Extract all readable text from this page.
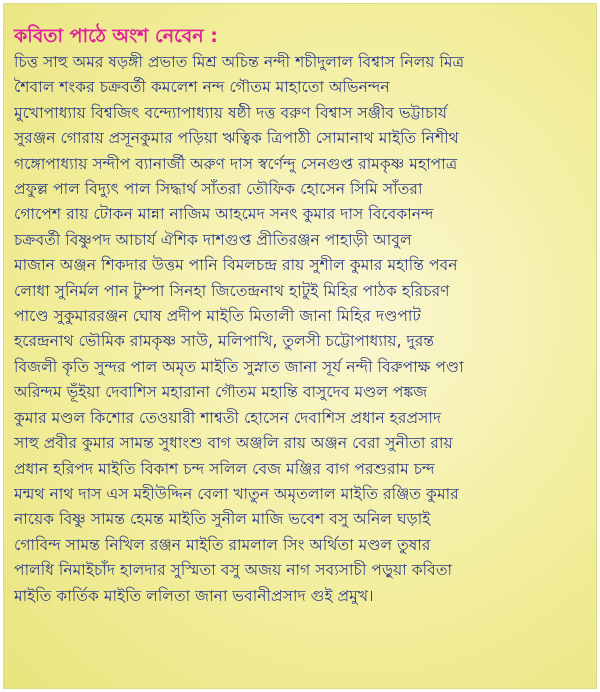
কবিতা পাঠে অংশ নেবেন :
চিত্ত সাহু অমর ষড়ঙ্গী প্রভাত মিশ্র অচিন্ত নন্দী শচীদুলাল বিশ্বাস নিলয় মিত্র
শৈবাল শংকর চক্রবর্তী কমলেশ নন্দ গৌতম মাহাতো অভিনন্দন
মুখোপাধ্যায় বিশ্বজিৎ বন্দ্যোপাধ্যায় ষষ্ঠী দত্ত বরুণ বিশ্বাস সঞ্জীব ভট্টাচার্য
সুরঞ্জন গোরায় প্রসূনকুমার পড়িয়া ঋত্বিক ত্রিপাঠী সোমানাথ মাইতি নিশীথ
গঙ্গোপাধ্যায় সন্দীপ ব্যানার্জী অরুণ দাস স্বর্ণেন্দু সেনগুপ্ত রামকৃষ্ণ মহাপাত্র
প্রফুল্ল পাল বিদ্যুৎ পাল সিদ্ধার্থ সাঁতরা তৌফিক হোসেন সিমি সাঁতরা
গোপেশ রায় টোকন মান্না নাজিম আহমেদ সনৎ কুমার দাস বিবেকানন্দ
চক্রবর্তী বিষ্ণুপদ আচার্য ঐশিক দাশগুপ্ত প্রীতিরঞ্জন পাহাড়ী আবুল
মাজান অঞ্জন শিকদার উত্তম পানি বিমলচন্দ্র রায় সুশীল কুমার মহান্তি পবন
লোধা সুনির্মল পান টুম্পা সিনহা জিতেন্দ্রনাথ হাটুই মিহির পাঠক হরিচরণ
পাণ্ডে সুকুমাররঞ্জন ঘোষ প্রদীপ মাইতি মিতালী জানা মিহির দণ্ডপাট
হরেন্দ্রনাথ ভৌমিক রামকৃষ্ণ সাউ, মলিপাখি, তুলসী চট্টোপাধ্যায়, দুরন্ত
বিজলী কৃতি সুন্দর পাল অমৃত মাইতি সুস্নাত জানা সূর্য নন্দী বিরুপাক্ষ পণ্ডা
অরিন্দম ভূঁইয়া দেবাশিস মহারানা গৌতম মহান্তি বাসুদেব মণ্ডল পঙ্কজ
কুমার মণ্ডল কিশোর তেওয়ারী শাশ্বতী হোসেন দেবাশিস প্রধান হরপ্রসাদ
সাহু প্রবীর কুমার সামন্ত সুধাংশু বাগ অঞ্জলি রায় অঞ্জন বেরা সুনীতা রায়
প্রধান হরিপদ মাইতি বিকাশ চন্দ সলিল বেজ মঞ্জির বাগ পরশুরাম চন্দ
মন্মথ নাথ দাস এস মহীউদ্দিন বেলা খাতুন অমৃতলাল মাইতি রঞ্জিত কুমার
নায়েক বিষ্ণু সামন্ত হেমন্ত মাইতি সুনীল মাজি ভবেশ বসু অনিল ঘড়াই
গোবিন্দ সামন্ত নিখিল রঞ্জন মাইতি রামলাল সিং অর্থিতা মণ্ডল তুষার
পালধি নিমাইচাঁদ হালদার সুস্মিতা বসু অজয় নাগ সব্যসাচী পড়ুয়া কবিতা
মাইতি কার্তিক মাইতি ললিতা জানা ভবানীপ্রসাদ গুই প্রমুখ।
